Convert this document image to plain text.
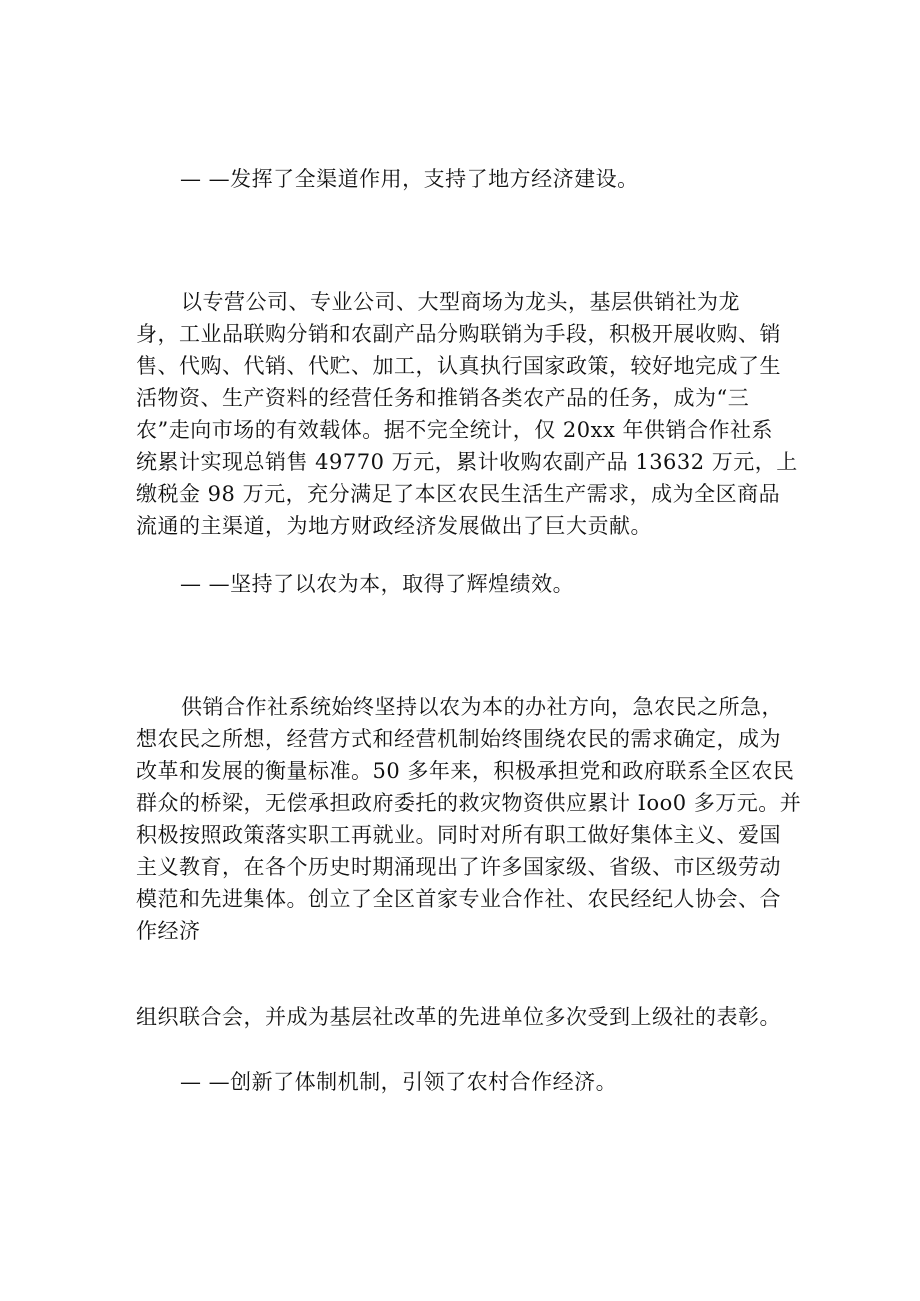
— —发挥了全渠道作用，支持了地方经济建设。
以专营公司、专业公司、大型商场为龙头，基层供销社为龙
身，工业品联购分销和农副产品分购联销为手段，积极开展收购、销
售、代购、代销、代贮、加工，认真执行国家政策，较好地完成了生
活物资、生产资料的经营任务和推销各类农产品的任务，成为“三
农”走向市场的有效载体。据不完全统计，仅 20xx 年供销合作社系
统累计实现总销售 49770 万元，累计收购农副产品 13632 万元，上
缴税金 98 万元，充分满足了本区农民生活生产需求，成为全区商品
流通的主渠道，为地方财政经济发展做出了巨大贡献。
— —坚持了以农为本，取得了辉煌绩效。
供销合作社系统始终坚持以农为本的办社方向，急农民之所急，
想农民之所想，经营方式和经营机制始终围绕农民的需求确定，成为
改革和发展的衡量标准。50 多年来，积极承担党和政府联系全区农民
群众的桥梁，无偿承担政府委托的救灾物资供应累计 Ioo0 多万元。并
积极按照政策落实职工再就业。同时对所有职工做好集体主义、爱国
主义教育，在各个历史时期涌现出了许多国家级、省级、市区级劳动
模范和先进集体。创立了全区首家专业合作社、农民经纪人协会、合
作经济
组织联合会，并成为基层社改革的先进单位多次受到上级社的表彰。
— —创新了体制机制，引领了农村合作经济。
